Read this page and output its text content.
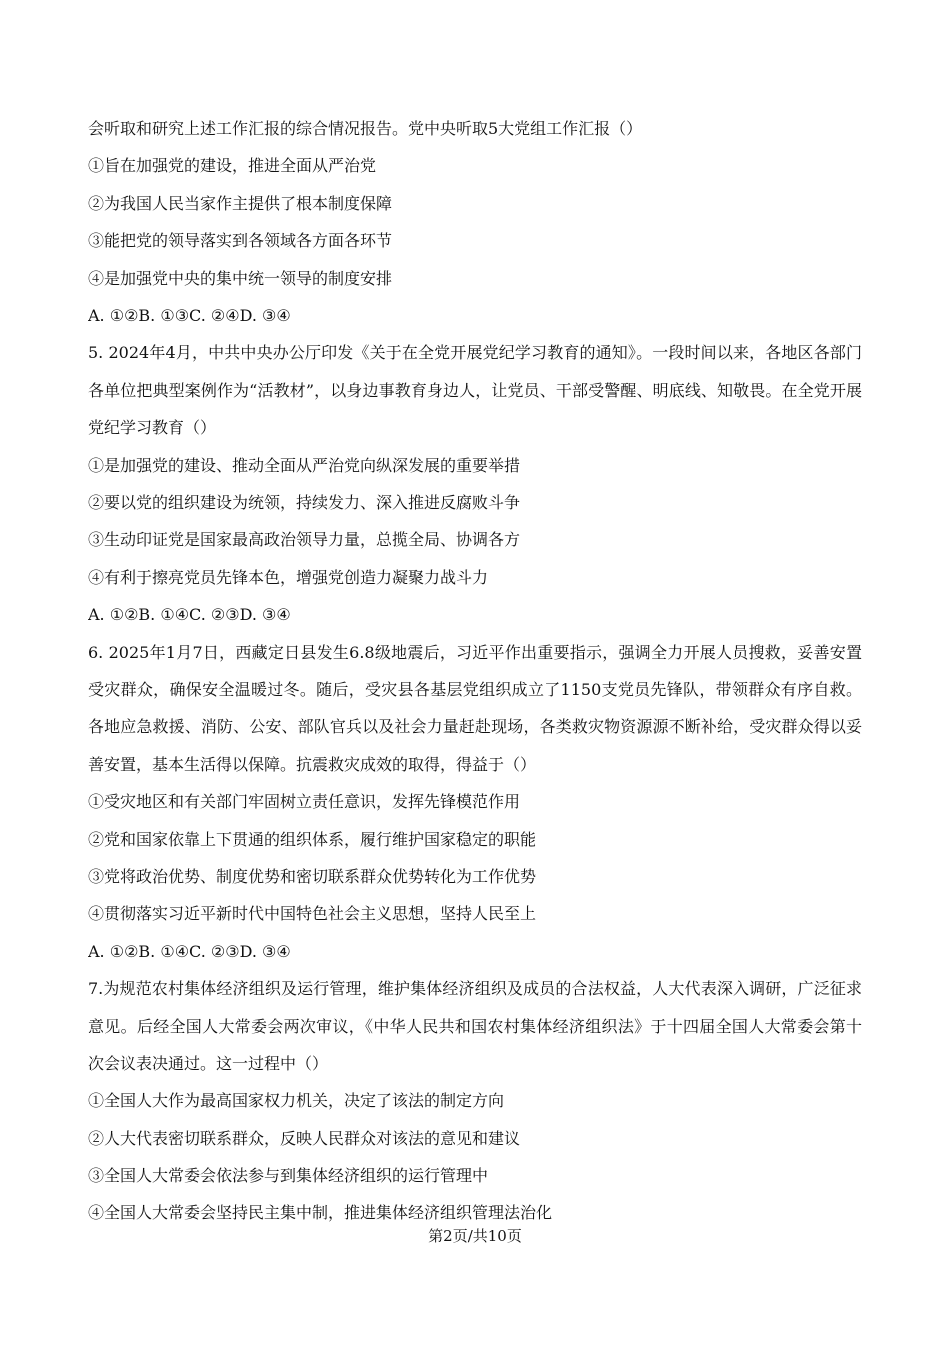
会听取和研究上述工作汇报的综合情况报告。党中央听取5大党组工作汇报（）
①旨在加强党的建设，推进全面从严治党
②为我国人民当家作主提供了根本制度保障
③能把党的领导落实到各领域各方面各环节
④是加强党中央的集中统一领导的制度安排
A. ①②B. ①③C. ②④D. ③④
5. 2024年4月，中共中央办公厅印发《关于在全党开展党纪学习教育的通知》。一段时间以来，各地区各部门各单位把典型案例作为“活教材”，以身边事教育身边人，让党员、干部受警醒、明底线、知敬畏。在全党开展党纪学习教育（）
①是加强党的建设、推动全面从严治党向纵深发展的重要举措
②要以党的组织建设为统领，持续发力、深入推进反腐败斗争
③生动印证党是国家最高政治领导力量，总揽全局、协调各方
④有利于擦亮党员先锋本色，增强党创造力凝聚力战斗力
A. ①②B. ①④C. ②③D. ③④
6. 2025年1月7日，西藏定日县发生6.8级地震后，习近平作出重要指示，强调全力开展人员搜救，妥善安置受灾群众，确保安全温暖过冬。随后，受灾县各基层党组织成立了1150支党员先锋队，带领群众有序自救。各地应急救援、消防、公安、部队官兵以及社会力量赶赴现场，各类救灾物资源源不断补给，受灾群众得以妥善安置，基本生活得以保障。抗震救灾成效的取得，得益于（）
①受灾地区和有关部门牢固树立责任意识，发挥先锋模范作用
②党和国家依靠上下贯通的组织体系，履行维护国家稳定的职能
③党将政治优势、制度优势和密切联系群众优势转化为工作优势
④贯彻落实习近平新时代中国特色社会主义思想，坚持人民至上
A. ①②B. ①④C. ②③D. ③④
7.为规范农村集体经济组织及运行管理，维护集体经济组织及成员的合法权益，人大代表深入调研，广泛征求意见。后经全国人大常委会两次审议，《中华人民共和国农村集体经济组织法》于十四届全国人大常委会第十次会议表决通过。这一过程中（）
①全国人大作为最高国家权力机关，决定了该法的制定方向
②人大代表密切联系群众，反映人民群众对该法的意见和建议
③全国人大常委会依法参与到集体经济组织的运行管理中
④全国人大常委会坚持民主集中制，推进集体经济组织管理法治化
第2页/共10页
